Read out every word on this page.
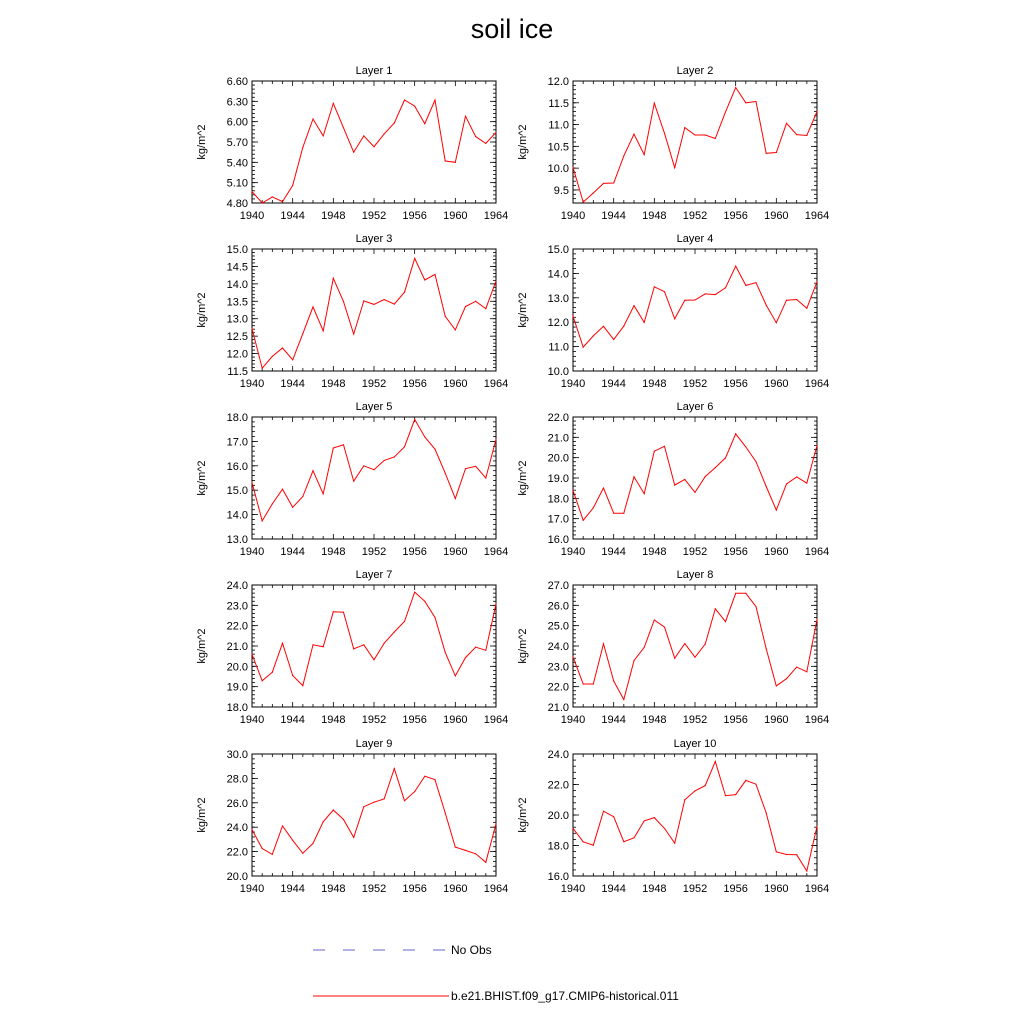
soil ice
Layer 1
kg/m^2
1940 1944 1948 1952 1956 1960 1964
4.80
5.10
5.40
5.70
6.00
6.30
6.60
Layer 2
kg/m^2
1940 1944 1948 1952 1956 1960 1964
9.5
10.0
10.5
11.0
11.5
12.0
Layer 3
kg/m^2
1940 1944 1948 1952 1956 1960 1964
11.5
12.0
12.5
13.0
13.5
14.0
14.5
15.0
Layer 4
kg/m^2
1940 1944 1948 1952 1956 1960 1964
10.0
11.0
12.0
13.0
14.0
15.0
Layer 5
kg/m^2
1940 1944 1948 1952 1956 1960 1964
13.0
14.0
15.0
16.0
17.0
18.0
Layer 6
kg/m^2
1940 1944 1948 1952 1956 1960 1964
16.0
17.0
18.0
19.0
20.0
21.0
22.0
Layer 7
kg/m^2
1940 1944 1948 1952 1956 1960 1964
18.0
19.0
20.0
21.0
22.0
23.0
24.0
Layer 8
kg/m^2
1940 1944 1948 1952 1956 1960 1964
21.0
22.0
23.0
24.0
25.0
26.0
27.0
Layer 9
kg/m^2
1940 1944 1948 1952 1956 1960 1964
20.0
22.0
24.0
26.0
28.0
30.0
Layer 10
kg/m^2
1940 1944 1948 1952 1956 1960 1964
16.0
18.0
20.0
22.0
24.0
No Obs
b.e21.BHIST.f09_g17.CMIP6-historical.011
